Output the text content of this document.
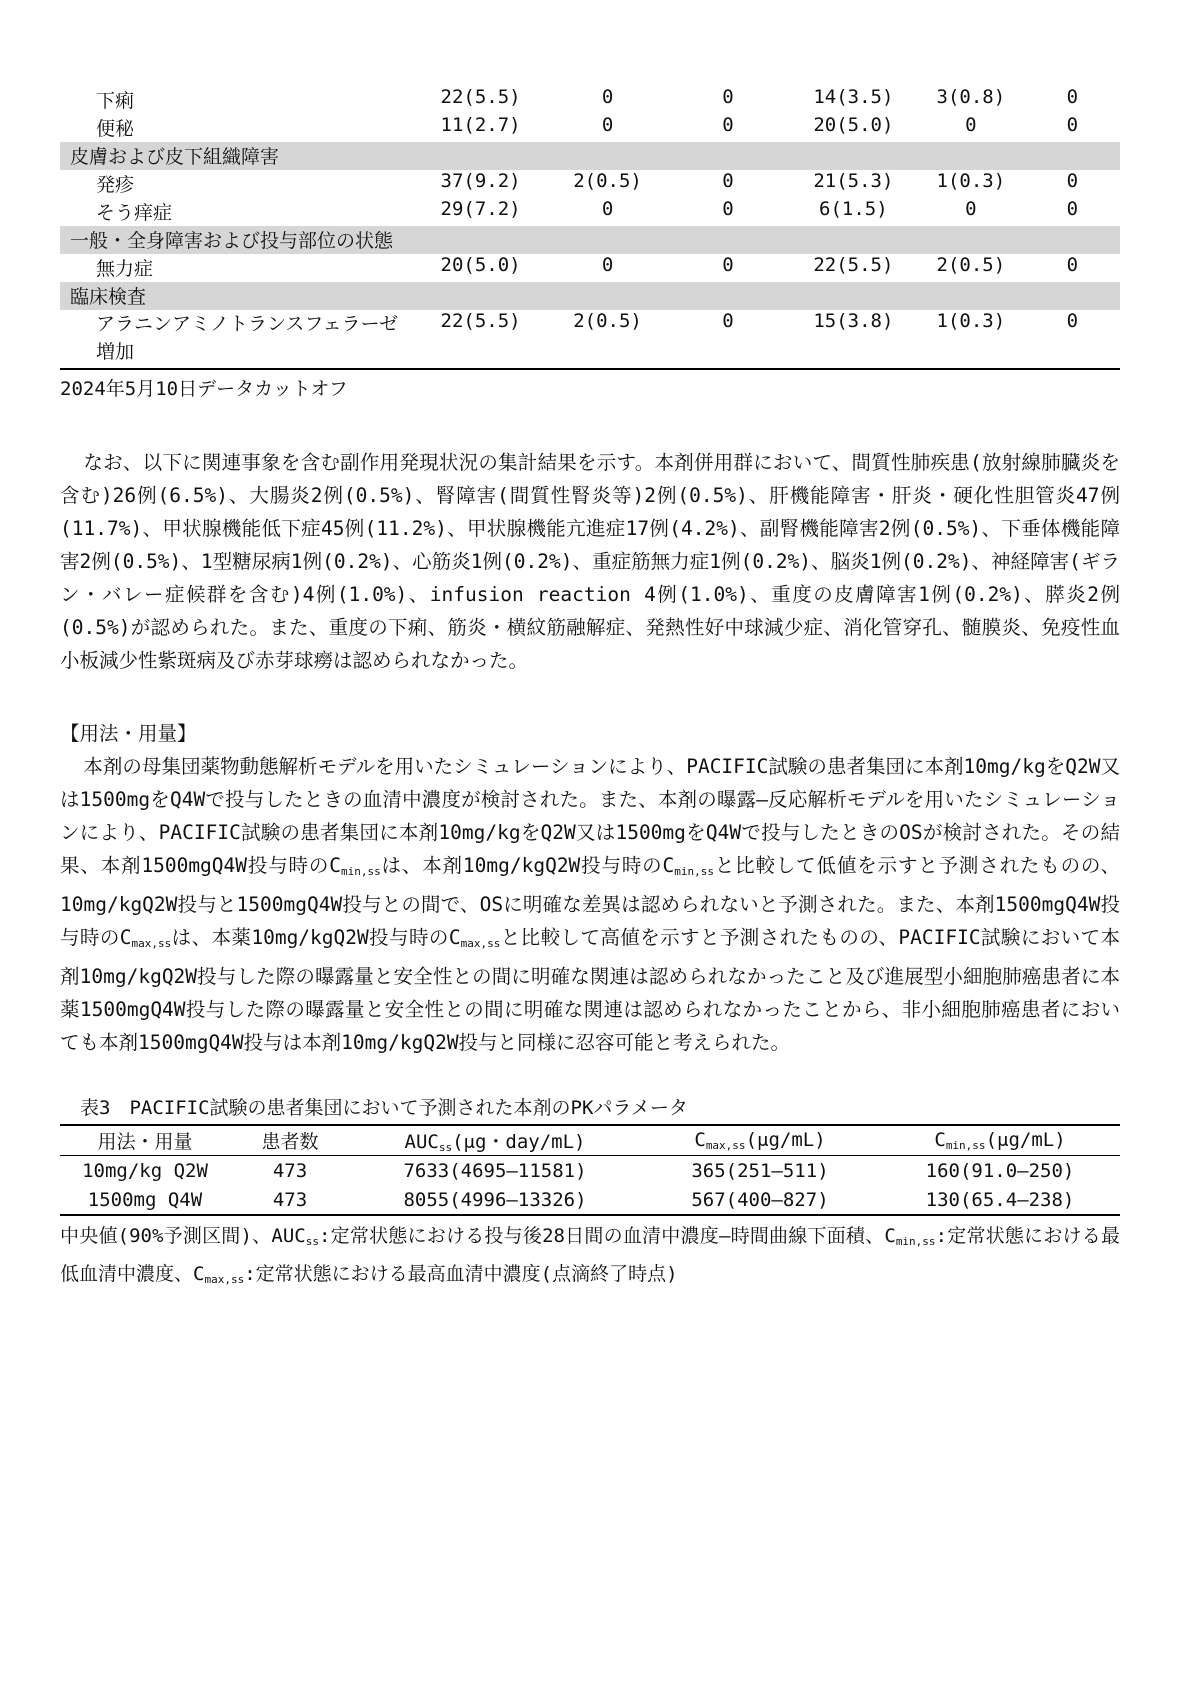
下痢	22(5.5)	0	0	14(3.5)	3(0.8)	0
便秘	11(2.7)	0	0	20(5.0)	0	0
皮膚および皮下組織障害						
発疹	37(9.2)	2(0.5)	0	21(5.3)	1(0.3)	0
そう痒症	29(7.2)	0	0	6(1.5)	0	0
一般・全身障害および投与部位の状態						
無力症	20(5.0)	0	0	22(5.5)	2(0.5)	0
臨床検査						
アラニンアミノトランスフェラーゼ増加	22(5.5)	2(0.5)	0	15(3.8)	1(0.3)	0
2024年5月10日データカットオフ

なお、以下に関連事象を含む副作用発現状況の集計結果を示す。本剤併用群において、間質性肺疾患(放射線肺臓炎を含む)26例(6.5%)、大腸炎2例(0.5%)、腎障害(間質性腎炎等)2例(0.5%)、肝機能障害・肝炎・硬化性胆管炎47例(11.7%)、甲状腺機能低下症45例(11.2%)、甲状腺機能亢進症17例(4.2%)、副腎機能障害2例(0.5%)、下垂体機能障害2例(0.5%)、1型糖尿病1例(0.2%)、心筋炎1例(0.2%)、重症筋無力症1例(0.2%)、脳炎1例(0.2%)、神経障害(ギラン・バレー症候群を含む)4例(1.0%)、infusion reaction 4例(1.0%)、重度の皮膚障害1例(0.2%)、膵炎2例(0.5%)が認められた。また、重度の下痢、筋炎・横紋筋融解症、発熱性好中球減少症、消化管穿孔、髄膜炎、免疫性血小板減少性紫斑病及び赤芽球癆は認められなかった。

【用法・用量】

本剤の母集団薬物動態解析モデルを用いたシミュレーションにより、PACIFIC試験の患者集団に本剤10mg/kgをQ2W又は1500mgをQ4Wで投与したときの血清中濃度が検討された。また、本剤の曝露—反応解析モデルを用いたシミュレーションにより、PACIFIC試験の患者集団に本剤10mg/kgをQ2W又は1500mgをQ4Wで投与したときのOSが検討された。その結果、本剤1500mgQ4W投与時の$C_{min,ss}$は、本剤10mg/kgQ2W投与時の$C_{min,ss}$と比較して低値を示すと予測されたものの、10mg/kgQ2W投与と1500mgQ4W投与との間で、OSに明確な差異は認められないと予測された。また、本剤1500mgQ4W投与時の$C_{max,ss}$は、本薬10mg/kgQ2W投与時の$C_{max,ss}$と比較して高値を示すと予測されたものの、PACIFIC試験において本剤10mg/kgQ2W投与した際の曝露量と安全性との間に明確な関連は認められなかったこと及び進展型小細胞肺癌患者に本薬1500mgQ4W投与した際の曝露量と安全性との間に明確な関連は認められなかったことから、非小細胞肺癌患者においても本剤1500mgQ4W投与は本剤10mg/kgQ2W投与と同様に忍容可能と考えられた。

表3　PACIFIC試験の患者集団において予測された本剤のPKパラメータ
用法・用量	患者数	$AUC_{ss}(\mu g$・day/mL)	$C_{max,ss}(\mu g/mL)$	$C_{min,ss}(\mu g/mL)$
10mg/kg Q2W	473	7633(4695—11581)	365(251—511)	160(91.0—250)
1500mg Q4W	473	8055(4996—13326)	567(400—827)	130(65.4—238)

中央値(90%予測区間)、$AUC_{ss}$:定常状態における投与後28日間の血清中濃度—時間曲線下面積、$C_{min,ss}$:定常状態における最低血清中濃度、$C_{max,ss}$:定常状態における最高血清中濃度(点滴終了時点)
